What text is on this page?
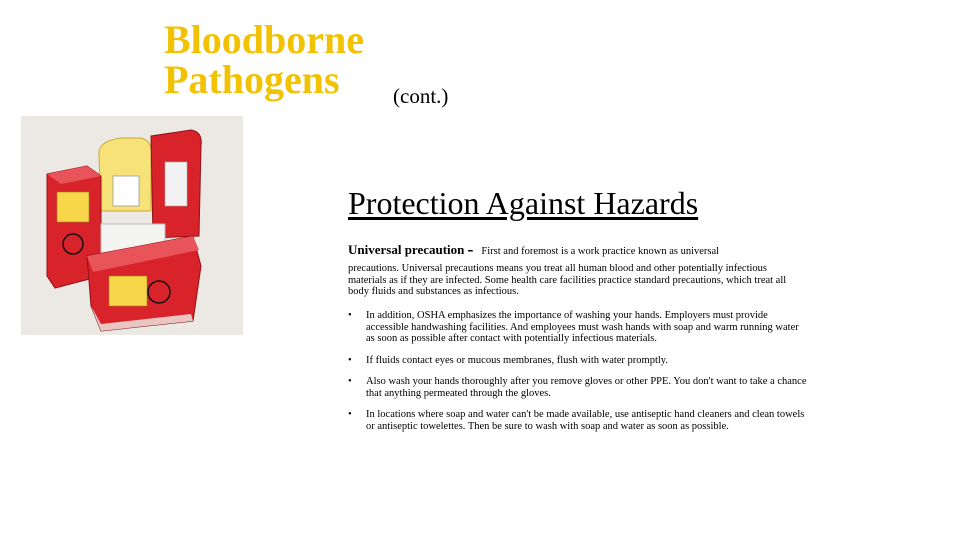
Bloodborne
Pathogens	(cont.)
Protection Against Hazards
Universal precaution - First and foremost is a work practice known as universal
precautions. Universal precautions means you treat all human blood and other potentially infectious materials as if they are infected. Some health care facilities practice standard precautions, which treat all body fluids and substances as infectious.
• In addition, OSHA emphasizes the importance of washing your hands. Employers must provide accessible handwashing facilities. And employees must wash hands with soap and warm running water as soon as possible after contact with potentially infectious materials.
• If fluids contact eyes or mucous membranes, flush with water promptly.
• Also wash your hands thoroughly after you remove gloves or other PPE. You don't want to take a chance that anything permeated through the gloves.
• In locations where soap and water can't be made available, use antiseptic hand cleaners and clean towels or antiseptic towelettes. Then be sure to wash with soap and water as soon as possible.
